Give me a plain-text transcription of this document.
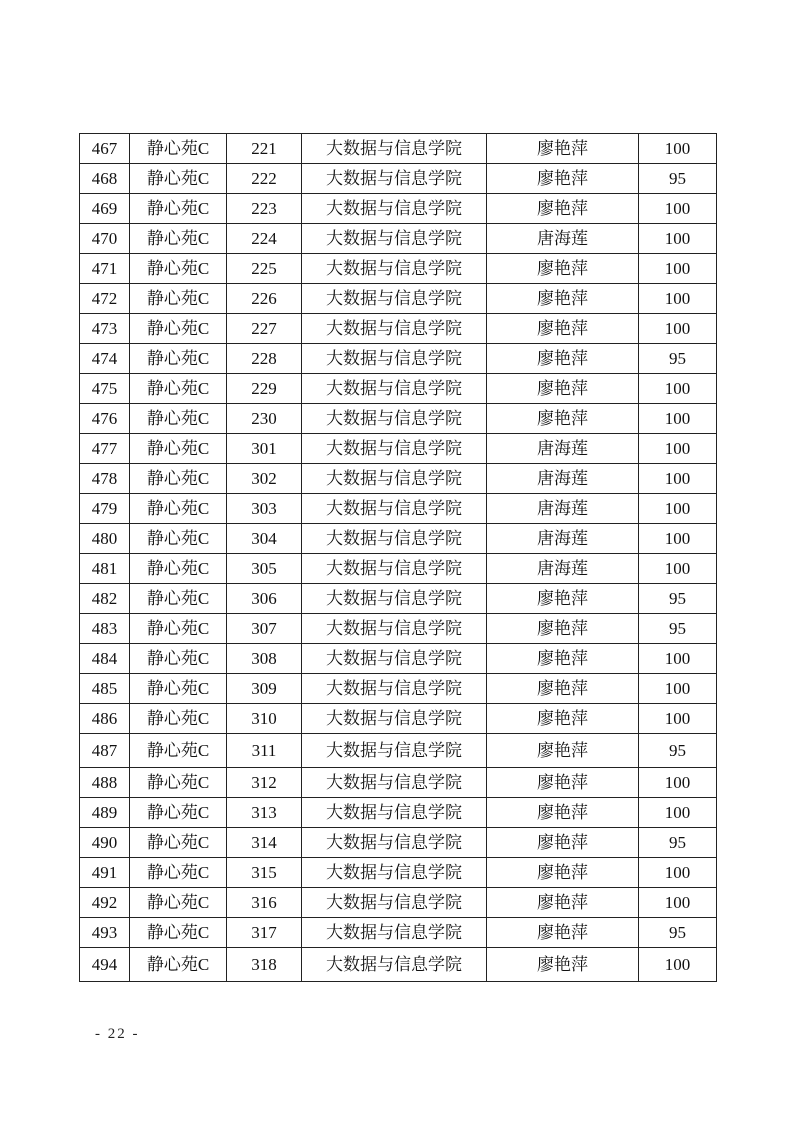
467	静心苑C	221	大数据与信息学院	廖艳萍	100
468	静心苑C	222	大数据与信息学院	廖艳萍	95
469	静心苑C	223	大数据与信息学院	廖艳萍	100
470	静心苑C	224	大数据与信息学院	唐海莲	100
471	静心苑C	225	大数据与信息学院	廖艳萍	100
472	静心苑C	226	大数据与信息学院	廖艳萍	100
473	静心苑C	227	大数据与信息学院	廖艳萍	100
474	静心苑C	228	大数据与信息学院	廖艳萍	95
475	静心苑C	229	大数据与信息学院	廖艳萍	100
476	静心苑C	230	大数据与信息学院	廖艳萍	100
477	静心苑C	301	大数据与信息学院	唐海莲	100
478	静心苑C	302	大数据与信息学院	唐海莲	100
479	静心苑C	303	大数据与信息学院	唐海莲	100
480	静心苑C	304	大数据与信息学院	唐海莲	100
481	静心苑C	305	大数据与信息学院	唐海莲	100
482	静心苑C	306	大数据与信息学院	廖艳萍	95
483	静心苑C	307	大数据与信息学院	廖艳萍	95
484	静心苑C	308	大数据与信息学院	廖艳萍	100
485	静心苑C	309	大数据与信息学院	廖艳萍	100
486	静心苑C	310	大数据与信息学院	廖艳萍	100
487	静心苑C	311	大数据与信息学院	廖艳萍	95
488	静心苑C	312	大数据与信息学院	廖艳萍	100
489	静心苑C	313	大数据与信息学院	廖艳萍	100
490	静心苑C	314	大数据与信息学院	廖艳萍	95
491	静心苑C	315	大数据与信息学院	廖艳萍	100
492	静心苑C	316	大数据与信息学院	廖艳萍	100
493	静心苑C	317	大数据与信息学院	廖艳萍	95
494	静心苑C	318	大数据与信息学院	廖艳萍	100
- 22 -
